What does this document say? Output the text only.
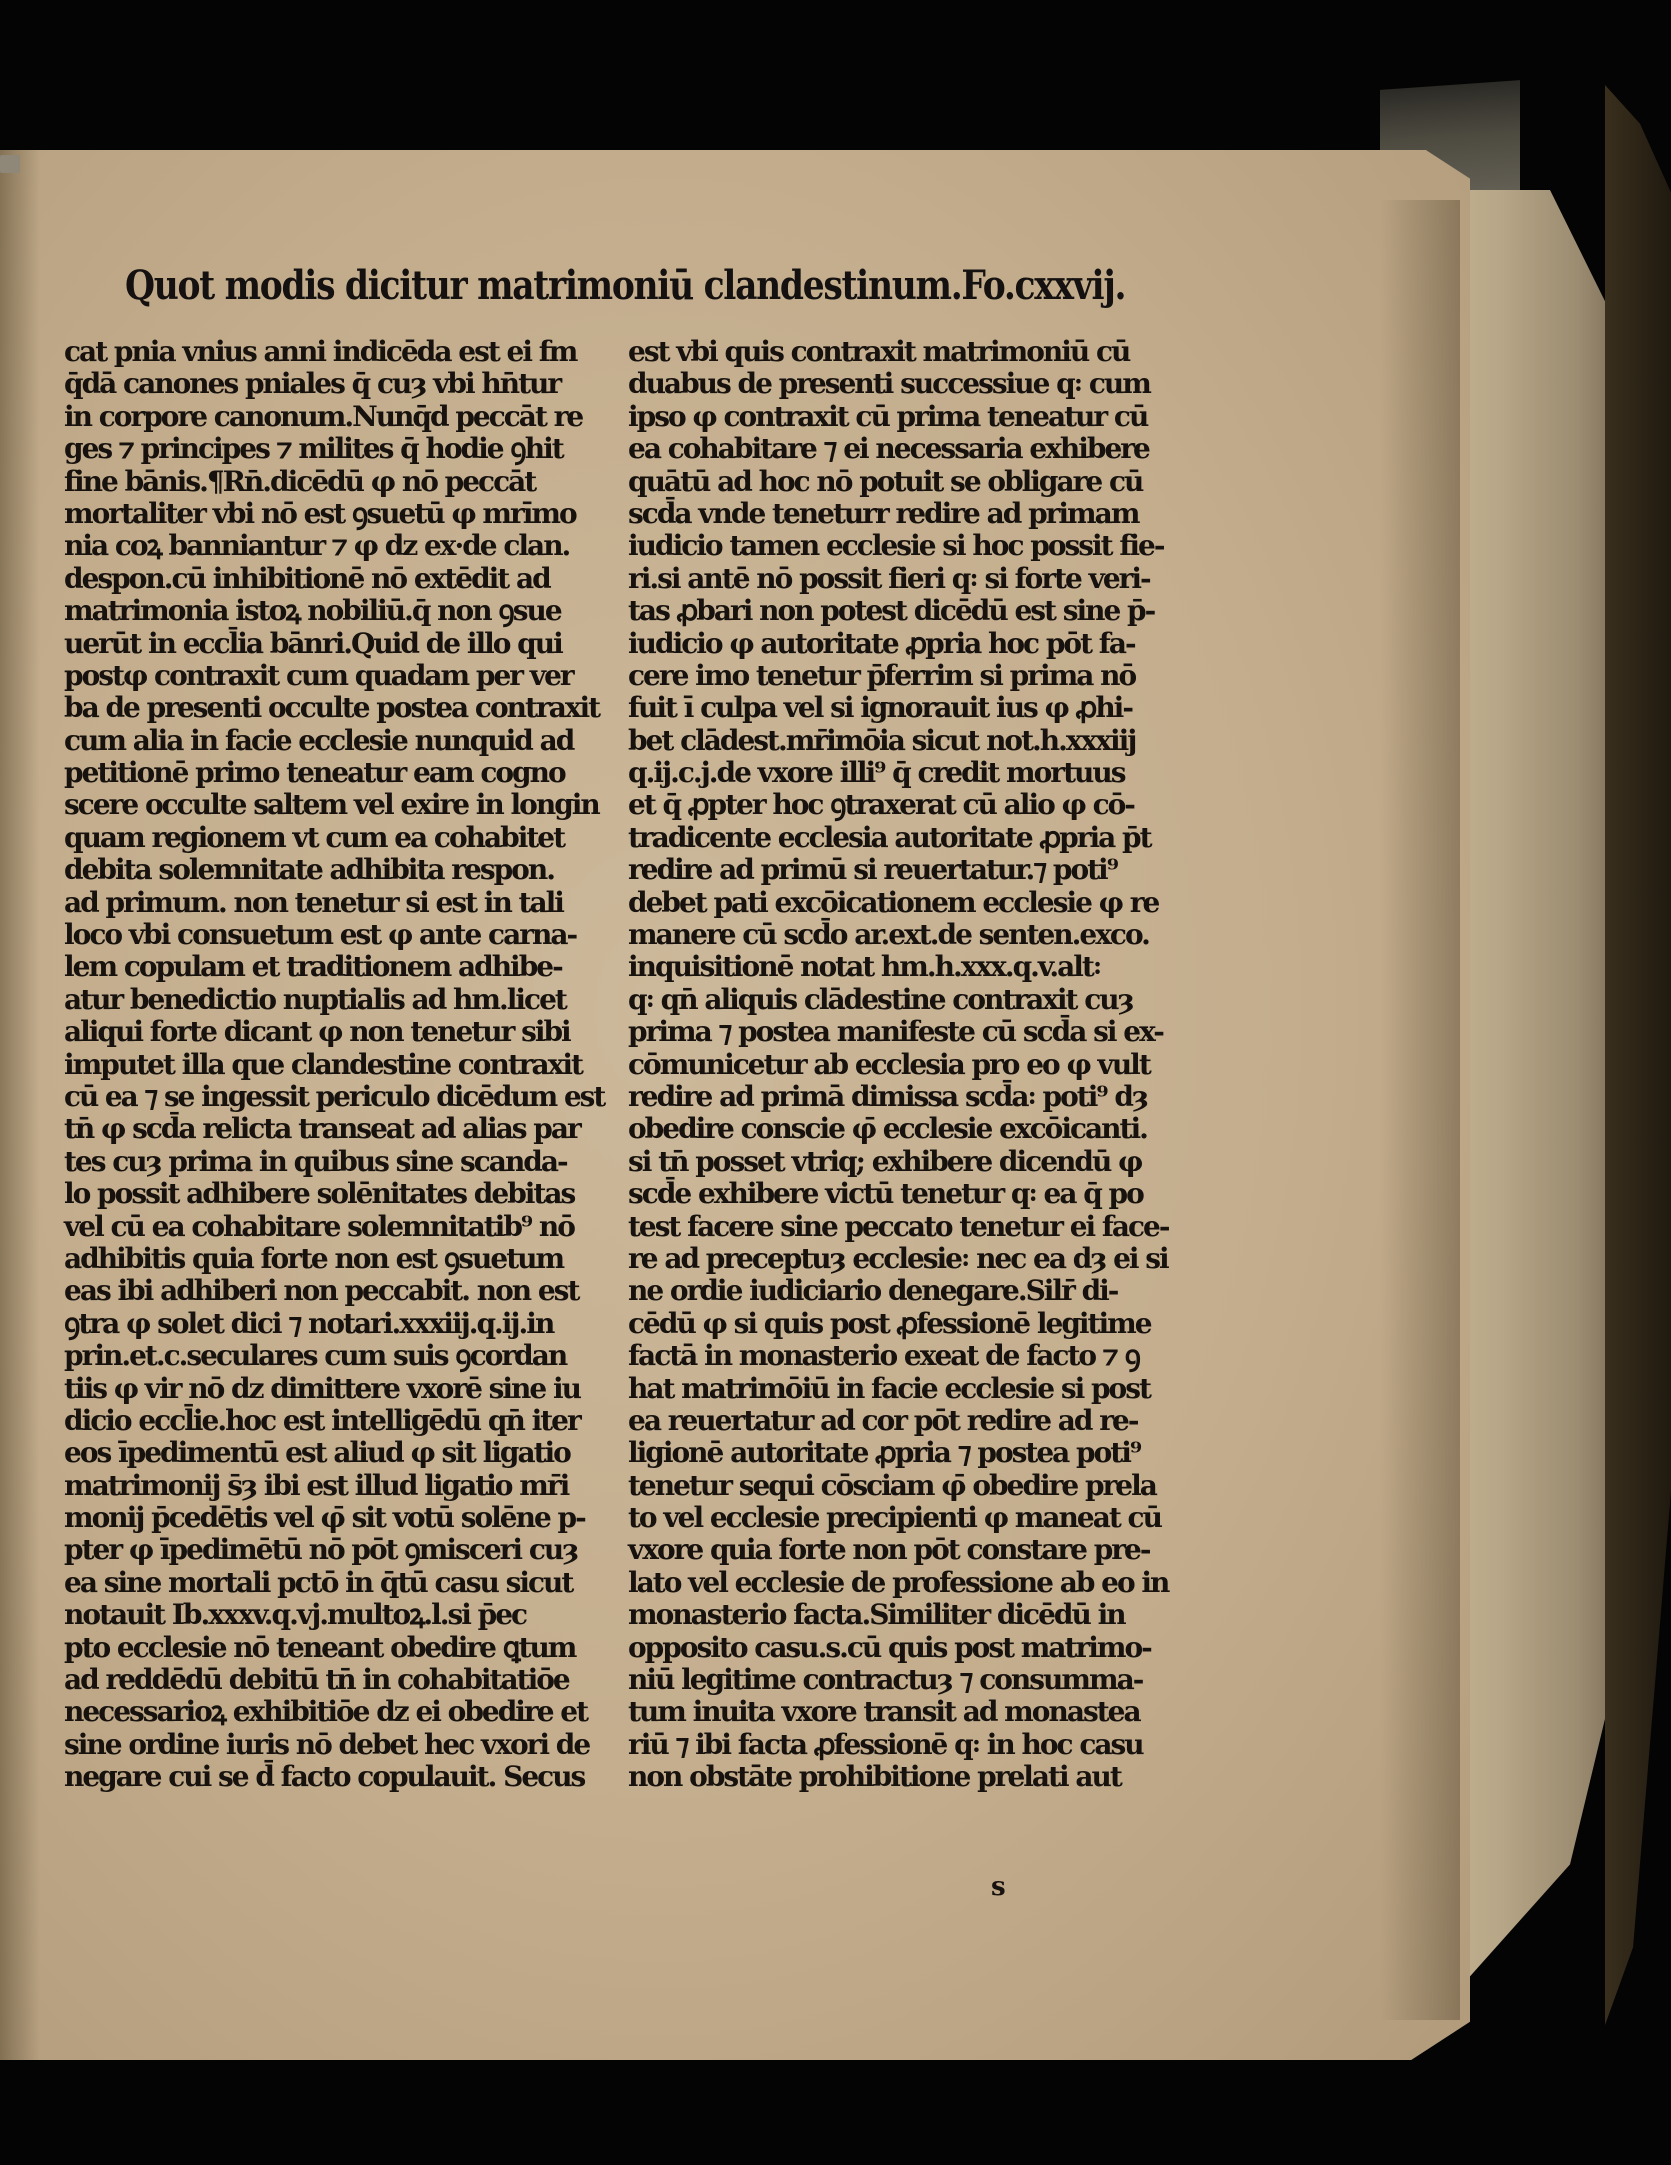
Quot modis dicitur matrimoniū clandestinum.Fo.cxxvij.
cat pnia vnius anni indicēda est ei fm
q̄dā canones pniales q̄ cuȝ vbi hn̄tur
in corpore canonum.Nunq̄d peccāt re
ges ⁊ principes ⁊ milites q̄ hodie ꝯhit
fine bānis.¶Rn̄.dicēdū φ nō peccāt
mortaliter vbi nō est ꝯsuetū φ mrīmo
nia coꝝ banniantur ⁊ φ dz ex·de clan.
despon.cū inhibitionē nō extēdit ad
matrimonia istoꝝ nobiliū.q̄ non ꝯsue
uerūt in eccl̄ia bānri.Quid de illo qui
postφ contraxit cum quadam per ver
ba de presenti occulte postea contraxit
cum alia in facie ecclesie nunquid ad
petitionē primo teneatur eam cogno
scere occulte saltem vel exire in longin
quam regionem vt cum ea cohabitet
debita solemnitate adhibita respon.
ad primum. non tenetur si est in tali
loco vbi consuetum est φ ante carna-
lem copulam et traditionem adhibe-
atur benedictio nuptialis ad hm.licet
aliqui forte dicant φ non tenetur sibi
imputet illa que clandestine contraxit
cū ea ⁊ se ingessit periculo dicēdum est
tn̄ φ scd̄a relicta transeat ad alias par
tes cuȝ prima in quibus sine scanda-
lo possit adhibere solēnitates debitas
vel cū ea cohabitare solemnitatib⁹ nō
adhibitis quia forte non est ꝯsuetum
eas ibi adhiberi non peccabit. non est
ꝯtra φ solet dici ⁊ notari.xxxiij.q.ij.in
prin.et.c.seculares cum suis ꝯcordan
tiis φ vir nō dz dimittere vxorē sine iu
dicio eccl̄ie.hoc est intelligēdū qn̄ iter
eos īpedimentū est aliud φ sit ligatio
matrimonij s̄ȝ ibi est illud ligatio mr̄i
monij p̄cedētis vel φ̄ sit votū solēne p-
pter φ īpedimētū nō pōt ꝯmisceri cuȝ
ea sine mortali pctō in q̄tū casu sicut
notauit Ib.xxxv.q.vj.multoꝝ.l.si p̄ec
pto ecclesie nō teneant obedire ꝗtum
ad reddēdū debitū tn̄ in cohabitatiōe
necessarioꝝ exhibitiōe dz ei obedire et
sine ordine iuris nō debet hec vxori de
negare cui se d̄ facto copulauit. Secus
est vbi quis contraxit matrimoniū cū
duabus de presenti successiue q꞉ cum
ipso φ contraxit cū prima teneatur cū
ea cohabitare ⁊ ei necessaria exhibere
quātū ad hoc nō potuit se obligare cū
scd̄a vnde teneturr redire ad primam
iudicio tamen ecclesie si hoc possit fie-
ri.si antē nō possit fieri q꞉ si forte veri-
tas ꝓbari non potest dicēdū est sine p̄-
iudicio φ autoritate ꝓpria hoc pōt fa-
cere imo tenetur p̄ferrim si prima nō
fuit ī culpa vel si ignorauit ius φ ꝓhi-
bet clādest.mr̄imōia sicut not.h.xxxiij
q.ij.c.j.de vxore illi⁹ q̄ credit mortuus
et q̄ ꝓpter hoc ꝯtraxerat cū alio φ cō-
tradicente ecclesia autoritate ꝓpria p̄t
redire ad primū si reuertatur.⁊ poti⁹
debet pati excōicationem ecclesie φ re
manere cū scd̄o ar.ext.de senten.exco.
inquisitionē notat hm.h.xxx.q.v.alt꞉
q꞉ qn̄ aliquis clādestine contraxit cuȝ
prima ⁊ postea manifeste cū scd̄a si ex-
cōmunicetur ab ecclesia pro eo φ vult
redire ad primā dimissa scd̄a꞉ poti⁹ dȝ
obedire conscie φ̄ ecclesie excōicanti.
si tn̄ posset vtriq; exhibere dicendū φ
scd̄e exhibere victū tenetur q꞉ ea q̄ po
test facere sine peccato tenetur ei face-
re ad preceptuȝ ecclesie꞉ nec ea dȝ ei si
ne ordie iudiciario denegare.Silr̄ di-
cēdū φ si quis post ꝓfessionē legitime
factā in monasterio exeat de facto ⁊ ꝯ
hat matrimōiū in facie ecclesie si post
ea reuertatur ad cor pōt redire ad re-
ligionē autoritate ꝓpria ⁊ postea poti⁹
tenetur sequi cōsciam φ̄ obedire prela
to vel ecclesie precipienti φ maneat cū
vxore quia forte non pōt constare pre-
lato vel ecclesie de professione ab eo in
monasterio facta.Similiter dicēdū in
opposito casu.s.cū quis post matrimo-
niū legitime contractuȝ ⁊ consumma-
tum inuita vxore transit ad monastea
riū ⁊ ibi facta ꝓfessionē q꞉ in hoc casu
non obstāte prohibitione prelati aut
s
